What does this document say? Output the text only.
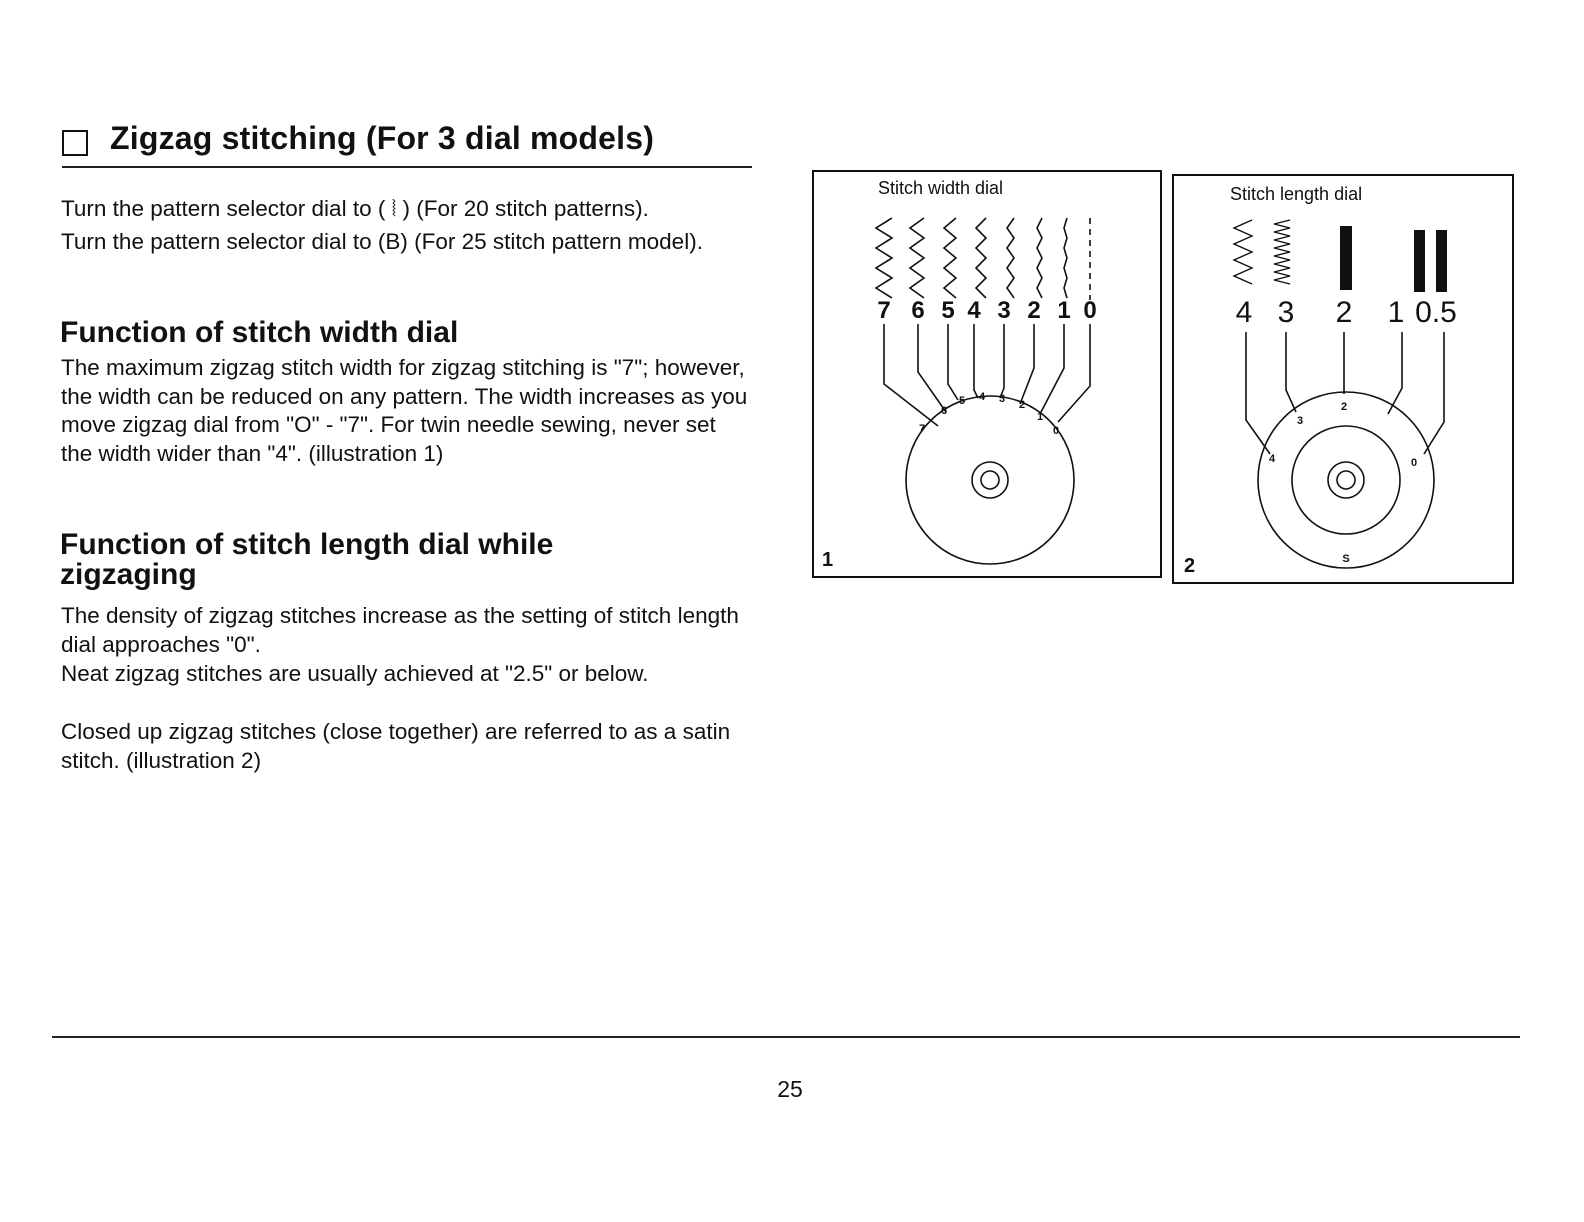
Zigzag stitching (For 3 dial models)

Turn the pattern selector dial to ( ⦚ ) (For 20 stitch patterns).

Turn the pattern selector dial to (B) (For 25 stitch pattern model).

Function of stitch width dial

The maximum zigzag stitch width for zigzag stitching is "7"; however, the width can be reduced on any pattern. The width increases as you move zigzag dial from "O" - "7". For twin needle sewing, never set the width wider than "4". (illustration 1)

Function of stitch length dial while zigzaging

The density of zigzag stitches increase as the setting of stitch length dial approaches "0".

Neat zigzag stitches are usually achieved at "2.5" or below.

Closed up zigzag stitches (close together) are referred to as a satin stitch. (illustration 2)

Stitch width dial
7 6 5 4 3 2 1 0
7
6
5 4 3 2
1
0
1
Stitch length dial
4 3 2 1 0.5
4
3
2
0
S
2
25
